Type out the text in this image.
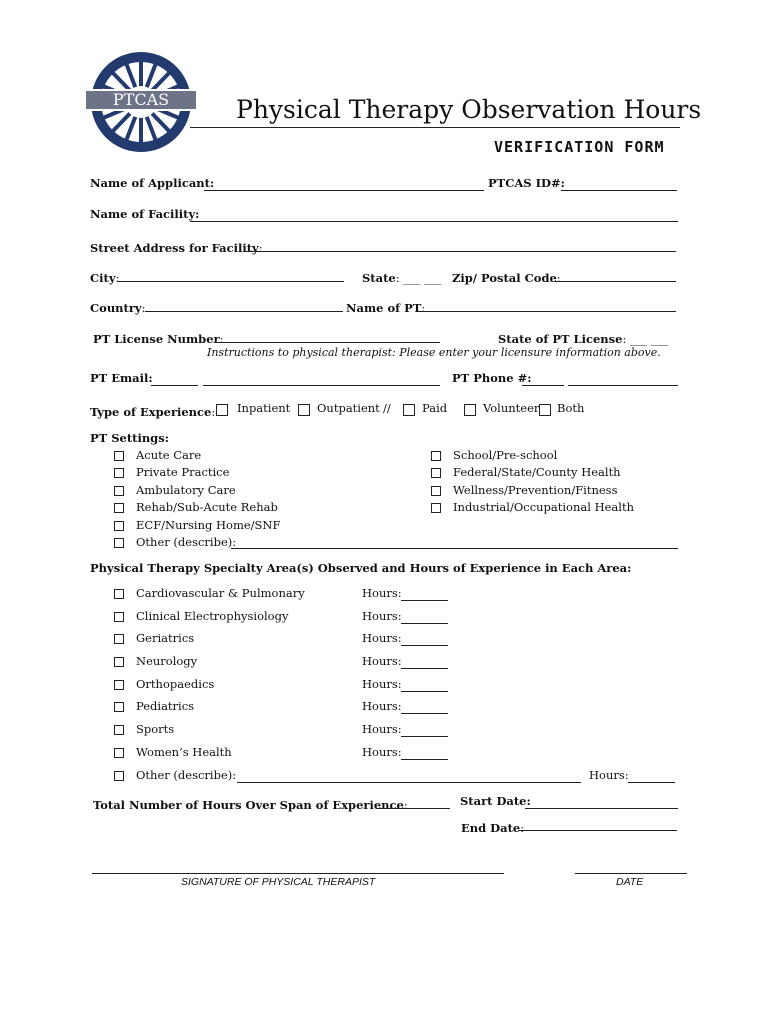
PTCAS	Physical Therapy Observation Hours
VERIFICATION FORM
Name of Applicant:	PTCAS ID#:
Name of Facility:
Street Address for Facility:
City:	State: ___ ___ Zip/ Postal Code:
Country:	Name of PT:
PT License Number:	State of PT License: ___ ___
Instructions to physical therapist: Please enter your licensure information above.
PT Email:	PT Phone #:
Type of Experience: Inpatient Outpatient //	Paid	Volunteer Both
PT Settings:
Acute Care
Private Practice
Ambulatory Care
Rehab/Sub-Acute Rehab
ECF/Nursing Home/SNF
Other (describe):
School/Pre-school
Federal/State/County Health
Wellness/Prevention/Fitness
Industrial/Occupational Health
Physical Therapy Specialty Area(s) Observed and Hours of Experience in Each Area:
Cardiovascular & Pulmonary	Hours:
Clinical Electrophysiology	Hours:
Geriatrics	Hours:
Neurology	Hours:
Orthopaedics	Hours:
Pediatrics	Hours:
Sports	Hours:
Women’s Health	Hours:
Other (describe):	Hours:
Total Number of Hours Over Span of Experience:	Start Date:
End Date:
SIGNATURE OF PHYSICAL THERAPIST	DATE
